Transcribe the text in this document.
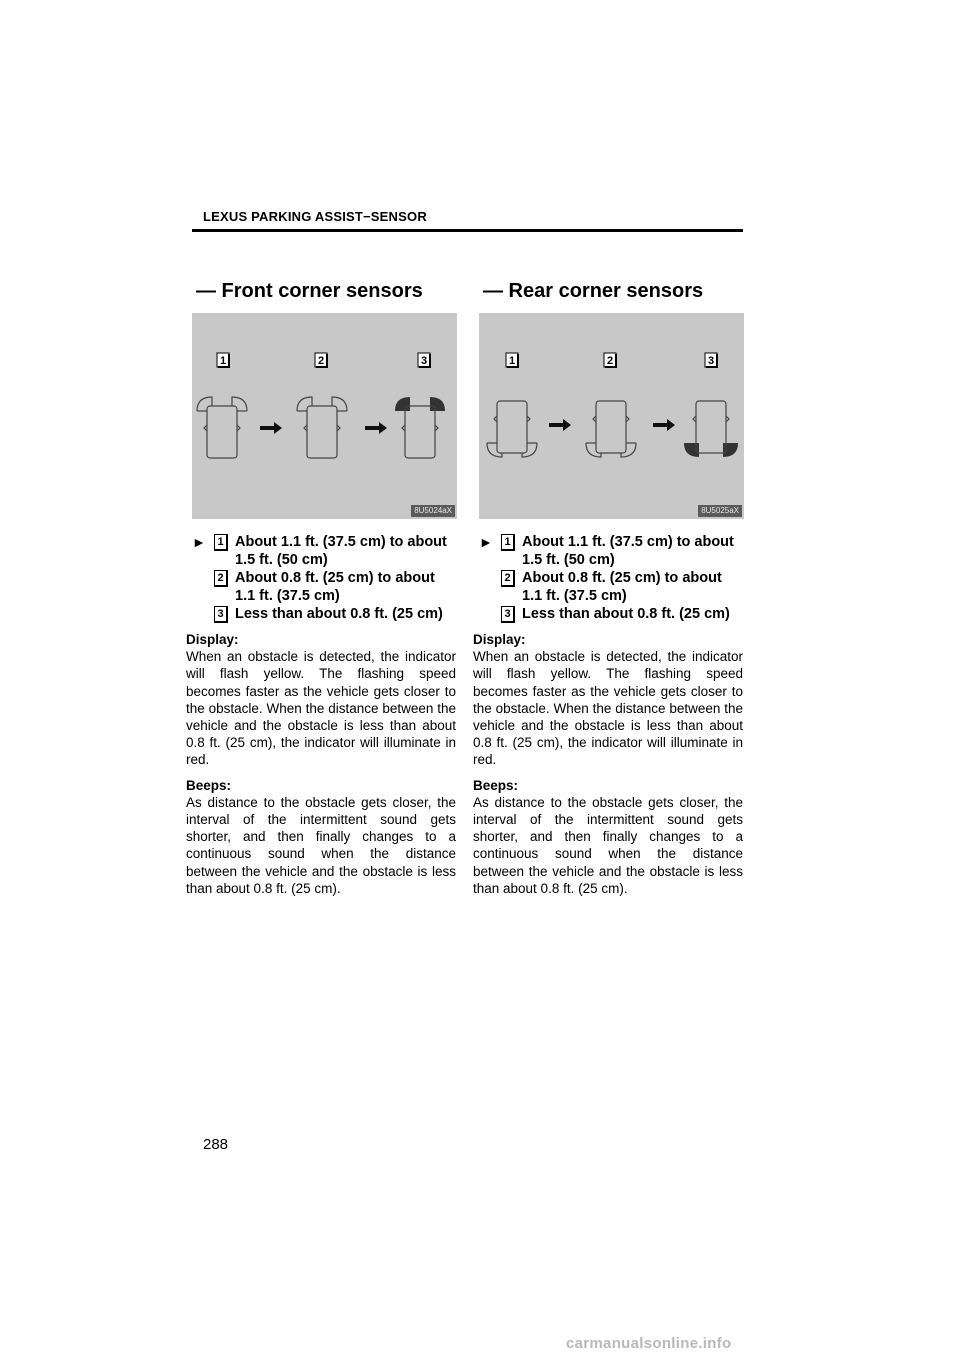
LEXUS PARKING ASSIST−SENSOR
— Front corner sensors
1	2	3
8U5024aX
►	1 About 1.1 ft. (37.5 cm) to about 1.5 ft. (50 cm)
2 About 0.8 ft. (25 cm) to about 1.1 ft. (37.5 cm)
3 Less than about 0.8 ft. (25 cm)
Display:
When an obstacle is detected, the indicator will flash yellow. The flashing speed becomes faster as the vehicle gets closer to the obstacle. When the distance between the vehicle and the obstacle is less than about 0.8 ft. (25 cm), the indicator will illuminate in red.
Beeps:
As distance to the obstacle gets closer, the interval of the intermittent sound gets shorter, and then finally changes to a continuous sound when the distance between the vehicle and the obstacle is less than about 0.8 ft. (25 cm).
— Rear corner sensors
1	2	3
8U5025aX
►	1 About 1.1 ft. (37.5 cm) to about 1.5 ft. (50 cm)
2 About 0.8 ft. (25 cm) to about 1.1 ft. (37.5 cm)
3 Less than about 0.8 ft. (25 cm)
Display:
When an obstacle is detected, the indicator will flash yellow. The flashing speed becomes faster as the vehicle gets closer to the obstacle. When the distance between the vehicle and the obstacle is less than about 0.8 ft. (25 cm), the indicator will illuminate in red.
Beeps:
As distance to the obstacle gets closer, the interval of the intermittent sound gets shorter, and then finally changes to a continuous sound when the distance between the vehicle and the obstacle is less than about 0.8 ft. (25 cm).
288
carmanualsonline.info
